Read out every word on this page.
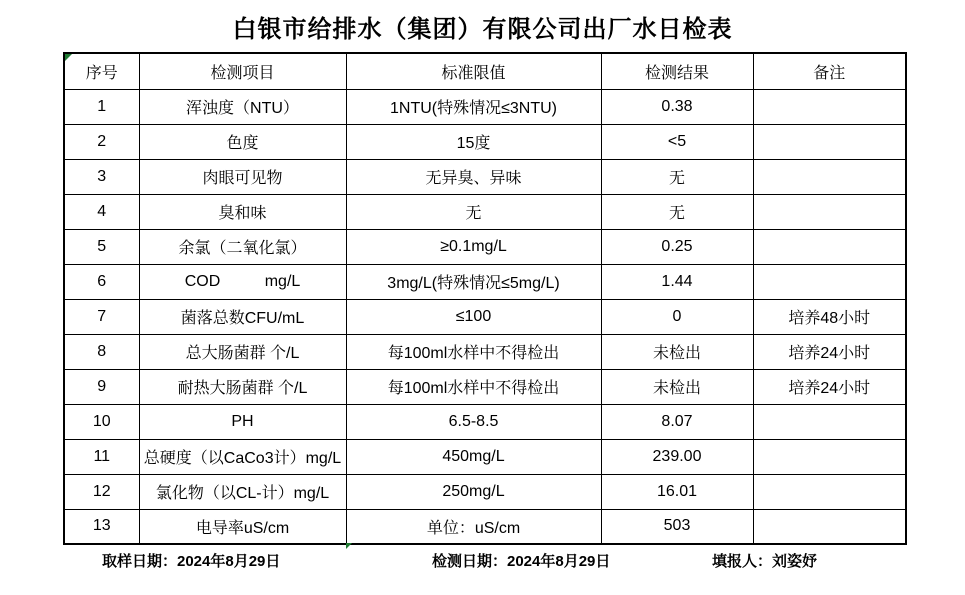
白银市给排水（集团）有限公司出厂水日检表
序号	检测项目	标准限值	检测结果	备注
1	浑浊度（NTU）	1NTU(特殊情况≤3NTU)	0.38	
2	色度	15度	<5	
3	肉眼可见物	无异臭、异味	无	
4	臭和味	无	无	
5	余氯（二氧化氯）	≥0.1mg/L	0.25	
6	COD          mg/L	3mg/L(特殊情况≤5mg/L)	1.44	
7	菌落总数CFU/mL	≤100	0	培养48小时
8	总大肠菌群 个/L	每100ml水样中不得检出	未检出	培养24小时
9	耐热大肠菌群 个/L	每100ml水样中不得检出	未检出	培养24小时
10	PH	6.5-8.5	8.07	
11	总硬度（以CaCo3计）mg/L	450mg/L	239.00	
12	氯化物（以CL-计）mg/L	250mg/L	16.01	
13	电导率uS/cm	单位：uS/cm	503	
取样日期：2024年8月29日	检测日期：2024年8月29日	填报人：刘姿妤
